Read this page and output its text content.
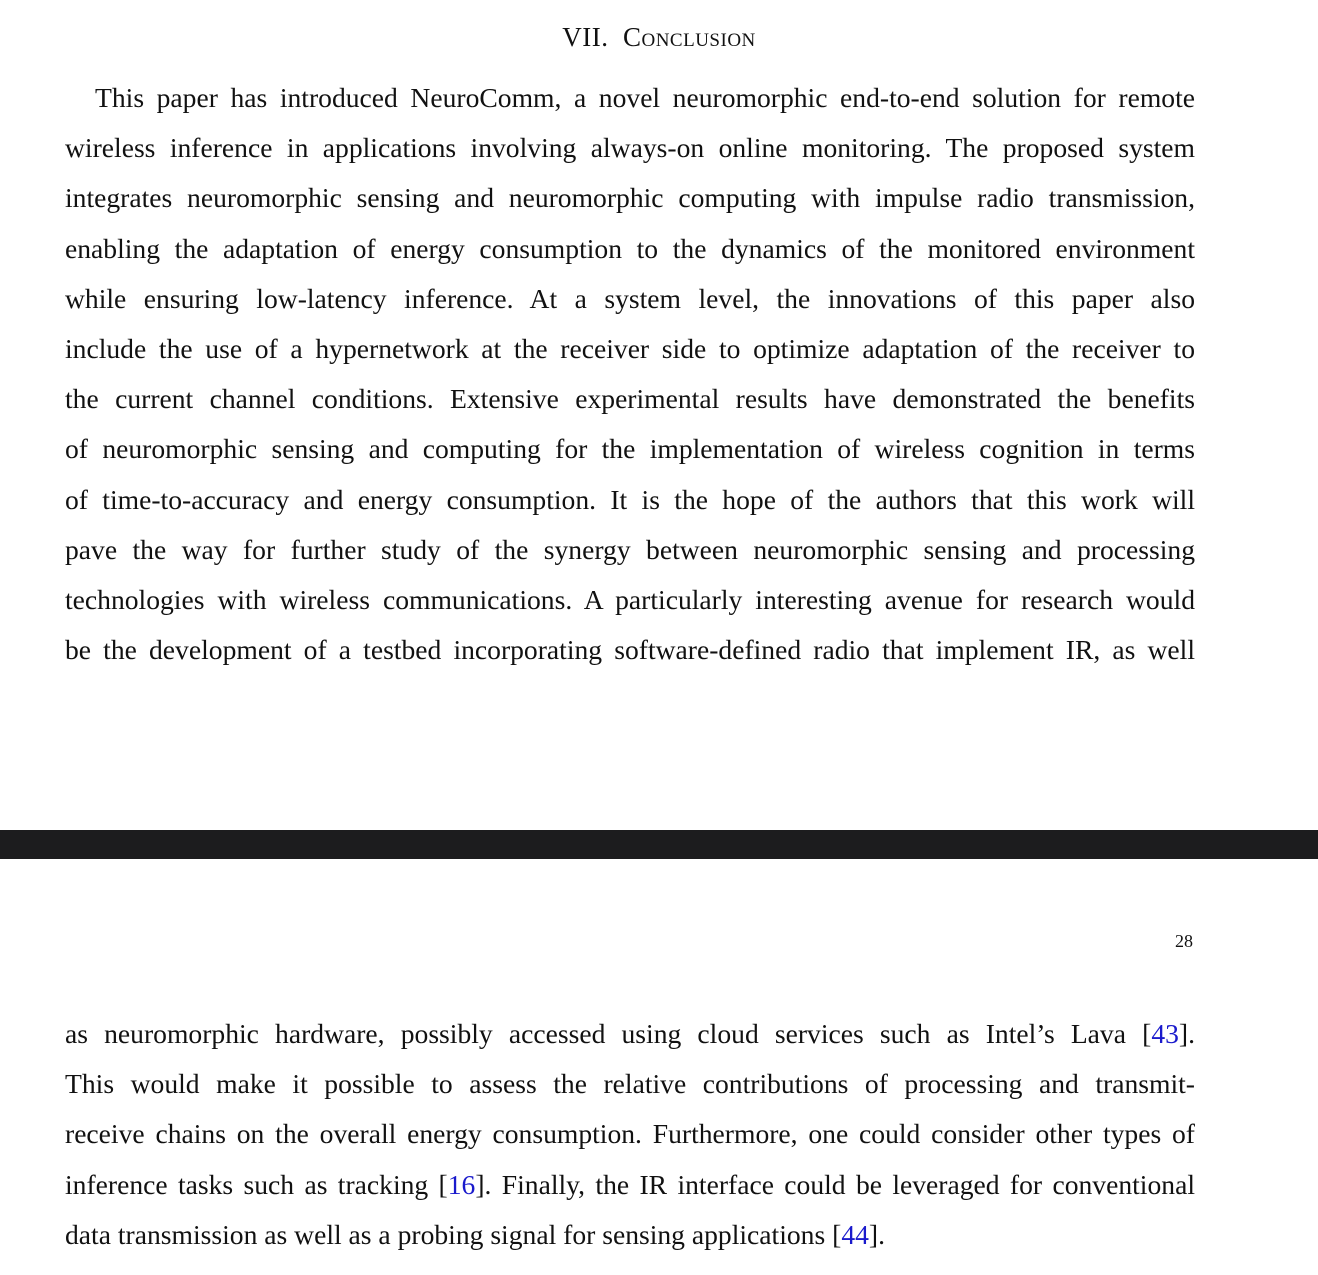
VII. Conclusion
This paper has introduced NeuroComm, a novel neuromorphic end-to-end solution for remote
wireless inference in applications involving always-on online monitoring. The proposed system
integrates neuromorphic sensing and neuromorphic computing with impulse radio transmission,
enabling the adaptation of energy consumption to the dynamics of the monitored environment
while ensuring low-latency inference. At a system level, the innovations of this paper also
include the use of a hypernetwork at the receiver side to optimize adaptation of the receiver to
the current channel conditions. Extensive experimental results have demonstrated the benefits
of neuromorphic sensing and computing for the implementation of wireless cognition in terms
of time-to-accuracy and energy consumption. It is the hope of the authors that this work will
pave the way for further study of the synergy between neuromorphic sensing and processing
technologies with wireless communications. A particularly interesting avenue for research would
be the development of a testbed incorporating software-defined radio that implement IR, as well
28
as neuromorphic hardware, possibly accessed using cloud services such as Intel’s Lava [43].
This would make it possible to assess the relative contributions of processing and transmit-
receive chains on the overall energy consumption. Furthermore, one could consider other types of
inference tasks such as tracking [16]. Finally, the IR interface could be leveraged for conventional
data transmission as well as a probing signal for sensing applications [44].
